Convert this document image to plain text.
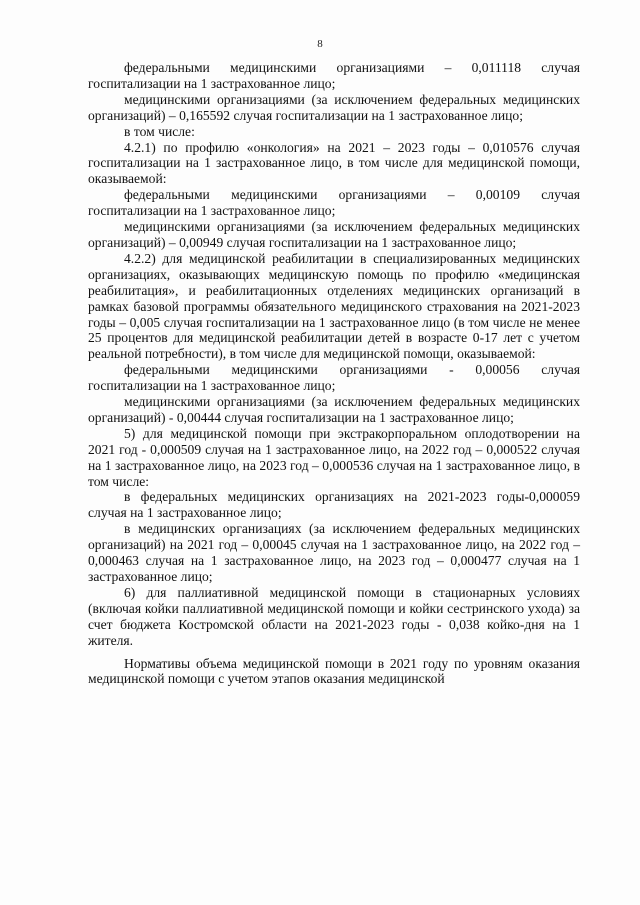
8

федеральными медицинскими организациями – 0,011118 случая госпитализации на 1 застрахованное лицо;

медицинскими организациями (за исключением федеральных медицинских организаций) – 0,165592 случая госпитализации на 1 застрахованное лицо;

в том числе:

4.2.1) по профилю «онкология» на 2021 – 2023 годы – 0,010576 случая госпитализации на 1 застрахованное лицо, в том числе для медицинской помощи, оказываемой:

федеральными медицинскими организациями – 0,00109 случая госпитализации на 1 застрахованное лицо;

медицинскими организациями (за исключением федеральных медицинских организаций) – 0,00949 случая госпитализации на 1 застрахованное лицо;

4.2.2) для медицинской реабилитации в специализированных медицинских организациях, оказывающих медицинскую помощь по профилю «медицинская реабилитация», и реабилитационных отделениях медицинских организаций в рамках базовой программы обязательного медицинского страхования на 2021-2023 годы – 0,005 случая госпитализации на 1 застрахованное лицо (в том числе не менее 25 процентов для медицинской реабилитации детей в возрасте 0-17 лет с учетом реальной потребности), в том числе для медицинской помощи, оказываемой:

федеральными медицинскими организациями - 0,00056 случая госпитализации на 1 застрахованное лицо;

медицинскими организациями (за исключением федеральных медицинских организаций) - 0,00444 случая госпитализации на 1 застрахованное лицо;

5) для медицинской помощи при экстракорпоральном оплодотворении на 2021 год - 0,000509 случая на 1 застрахованное лицо, на 2022 год – 0,000522 случая на 1 застрахованное лицо, на 2023 год – 0,000536 случая на 1 застрахованное лицо, в том числе:

в федеральных медицинских организациях на 2021-2023 годы-0,000059 случая на 1 застрахованное лицо;

в медицинских организациях (за исключением федеральных медицинских организаций) на 2021 год – 0,00045 случая на 1 застрахованное лицо, на 2022 год – 0,000463 случая на 1 застрахованное лицо, на 2023 год – 0,000477 случая на 1 застрахованное лицо;

6) для паллиативной медицинской помощи в стационарных условиях (включая койки паллиативной медицинской помощи и койки сестринского ухода) за счет бюджета Костромской области на 2021-2023 годы - 0,038 койко-дня на 1 жителя.

Нормативы объема медицинской помощи в 2021 году по уровням оказания медицинской помощи с учетом этапов оказания медицинской
